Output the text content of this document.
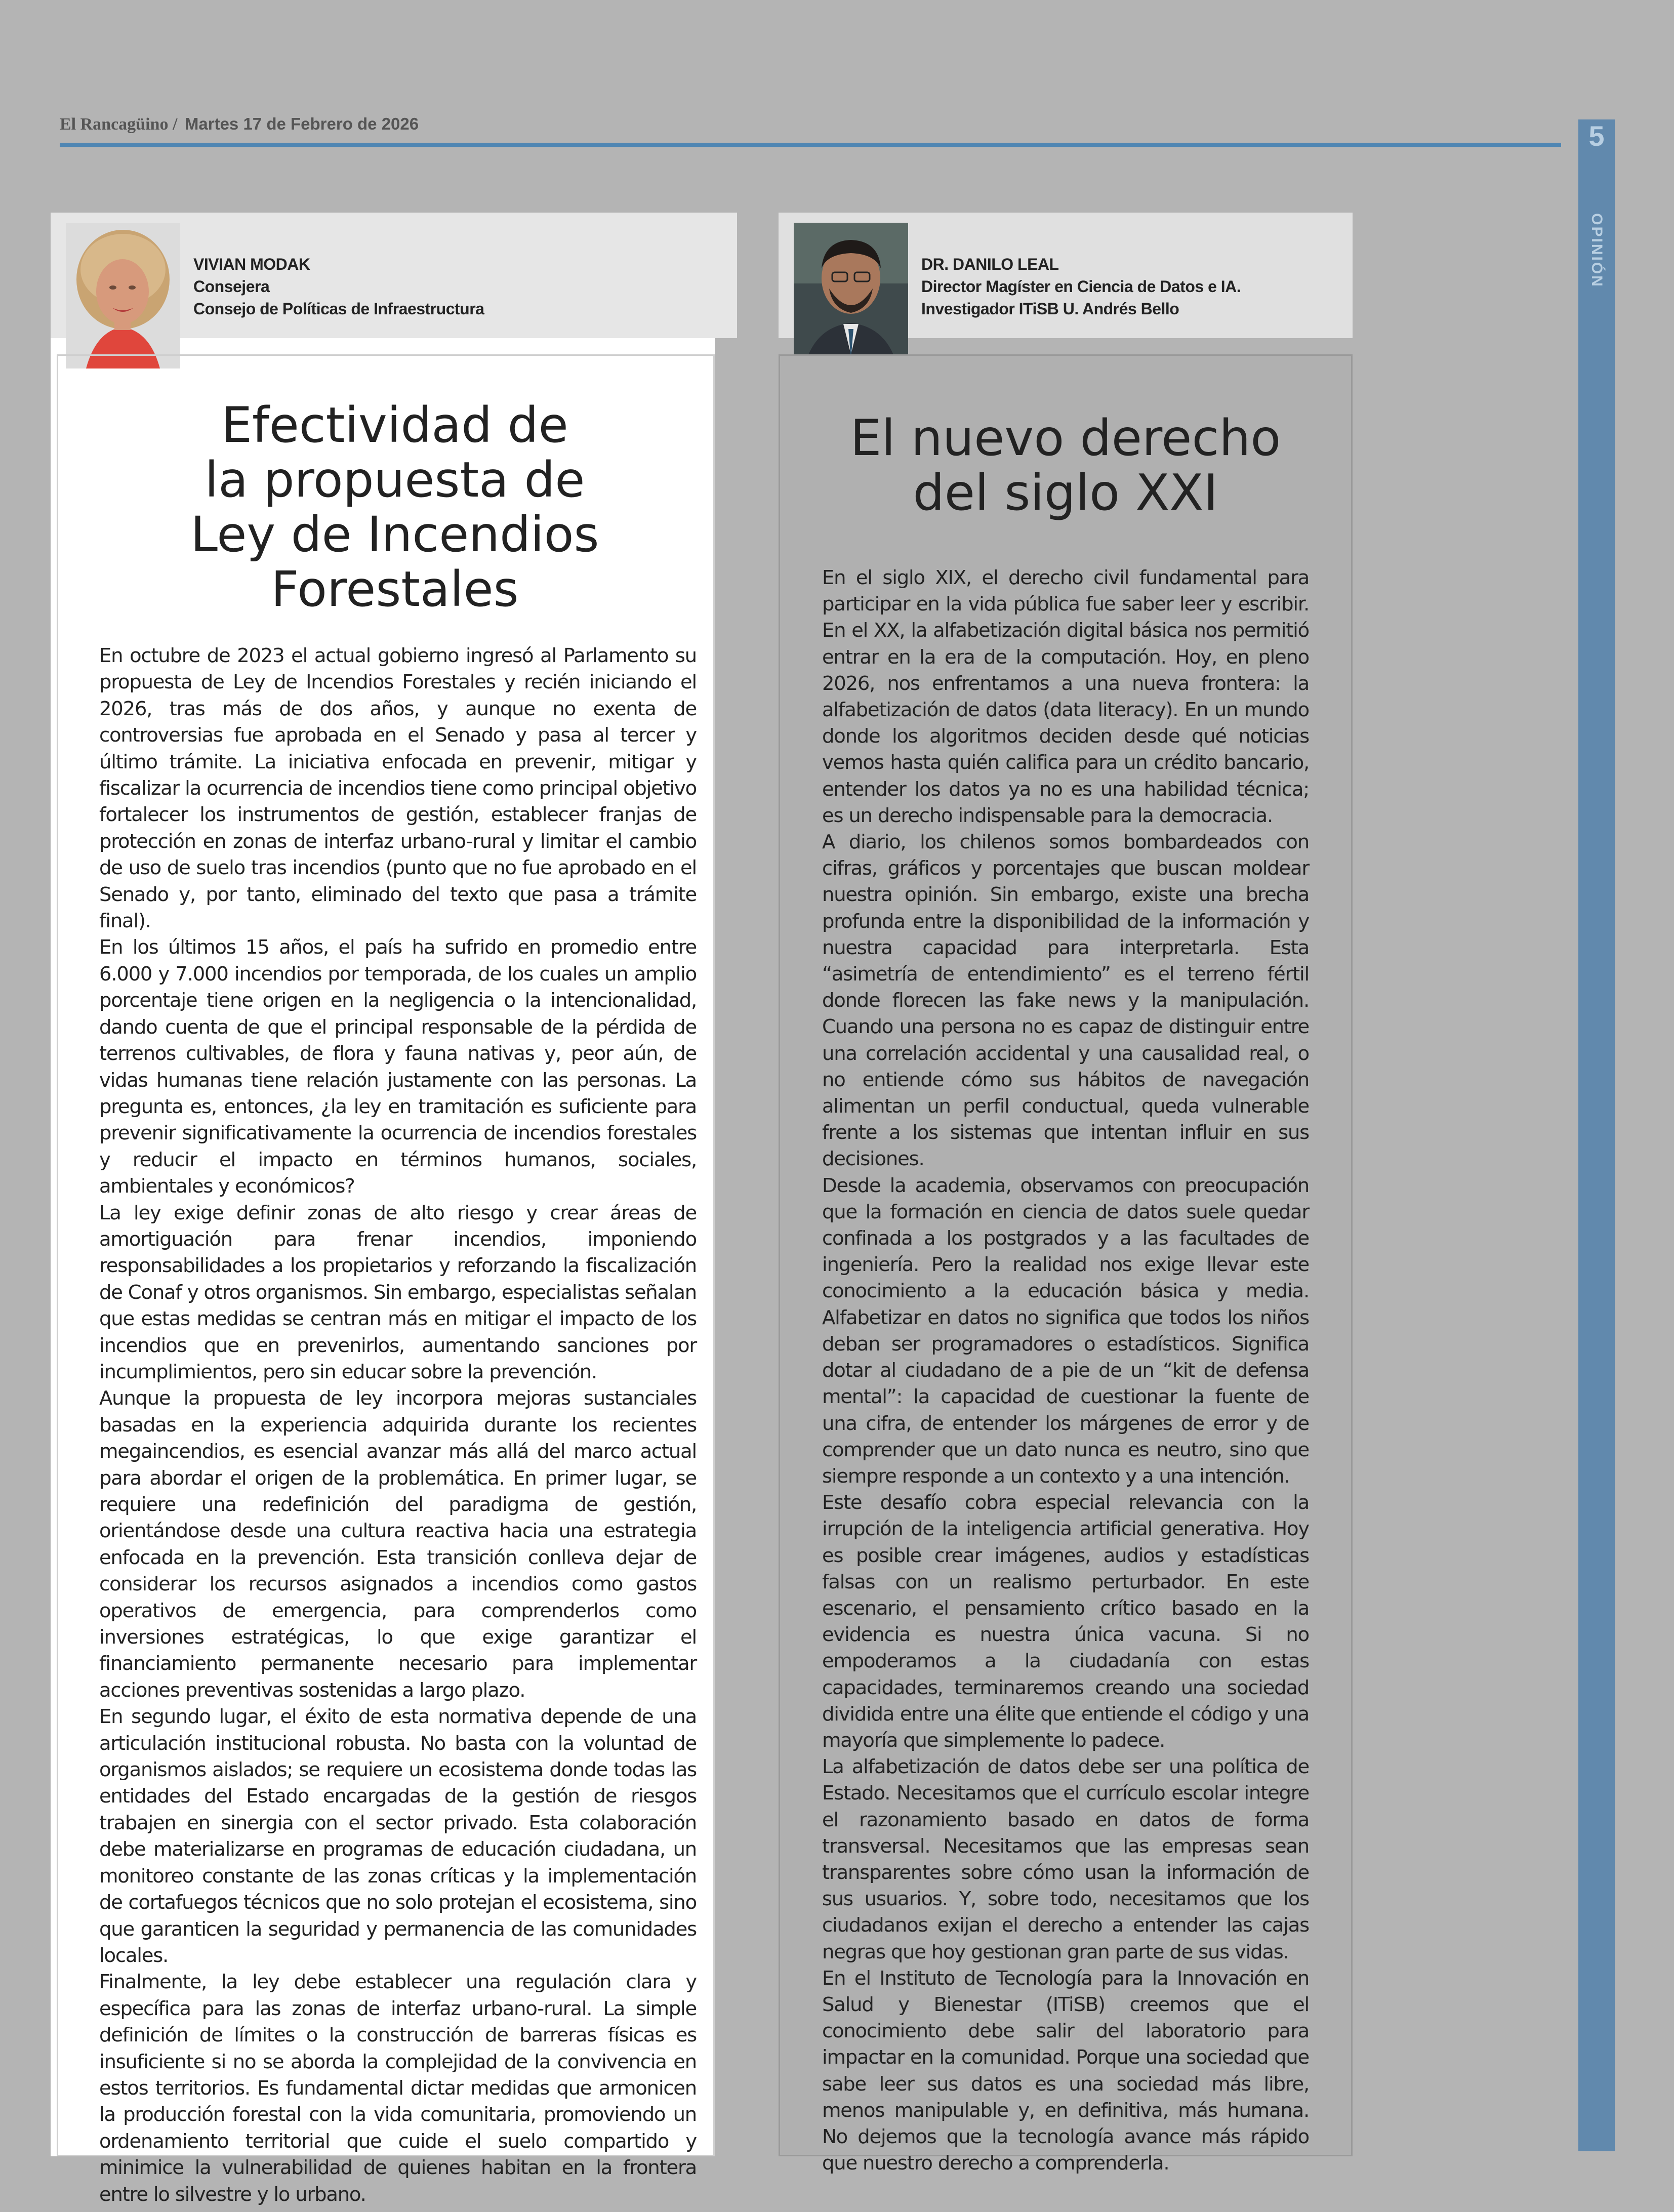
El Rancagüino / Martes 17 de Febrero de 2026	5
OPINIÓN
VIVIAN MODAK
Consejera
Consejo de Políticas de Infraestructura
Efectividad de
la propuesta de
Ley de Incendios
Forestales

En octubre de 2023 el actual gobierno ingresó al Parlamento su propuesta de Ley de Incendios Forestales y recién iniciando el 2026, tras más de dos años, y aunque no exenta de controversias fue aprobada en el Senado y pasa al tercer y último trámite. La iniciativa enfocada en prevenir, mitigar y fiscalizar la ocurrencia de incendios tiene como principal objetivo fortalecer los instrumentos de gestión, establecer franjas de protección en zonas de interfaz urbano-rural y limitar el cambio de uso de suelo tras incendios (punto que no fue aprobado en el Senado y, por tanto, eliminado del texto que pasa a trámite final).

En los últimos 15 años, el país ha sufrido en promedio entre 6.000 y 7.000 incendios por temporada, de los cuales un amplio porcentaje tiene origen en la negligencia o la intencionalidad, dando cuenta de que el principal responsable de la pérdida de terrenos cultivables, de flora y fauna nativas y, peor aún, de vidas humanas tiene relación justamente con las personas. La pregunta es, entonces, ¿la ley en tramitación es suficiente para prevenir significativamente la ocurrencia de incendios forestales y reducir el impacto en términos humanos, sociales, ambientales y económicos?

La ley exige definir zonas de alto riesgo y crear áreas de amortiguación para frenar incendios, imponiendo responsabilidades a los propietarios y reforzando la fiscalización de Conaf y otros organismos. Sin embargo, especialistas señalan que estas medidas se centran más en mitigar el impacto de los incendios que en prevenirlos, aumentando sanciones por incumplimientos, pero sin educar sobre la prevención.

Aunque la propuesta de ley incorpora mejoras sustanciales basadas en la experiencia adquirida durante los recientes megaincendios, es esencial avanzar más allá del marco actual para abordar el origen de la problemática. En primer lugar, se requiere una redefinición del paradigma de gestión, orientándose desde una cultura reactiva hacia una estrategia enfocada en la prevención. Esta transición conlleva dejar de considerar los recursos asignados a incendios como gastos operativos de emergencia, para comprenderlos como inversiones estratégicas, lo que exige garantizar el financiamiento permanente necesario para implementar acciones preventivas sostenidas a largo plazo.

En segundo lugar, el éxito de esta normativa depende de una articulación institucional robusta. No basta con la voluntad de organismos aislados; se requiere un ecosistema donde todas las entidades del Estado encargadas de la gestión de riesgos trabajen en sinergia con el sector privado. Esta colaboración debe materializarse en programas de educación ciudadana, un monitoreo constante de las zonas críticas y la implementación de cortafuegos técnicos que no solo protejan el ecosistema, sino que garanticen la seguridad y permanencia de las comunidades locales.

Finalmente, la ley debe establecer una regulación clara y específica para las zonas de interfaz urbano-rural. La simple definición de límites o la construcción de barreras físicas es insuficiente si no se aborda la complejidad de la convivencia en estos territorios. Es fundamental dictar medidas que armonicen la producción forestal con la vida comunitaria, promoviendo un ordenamiento territorial que cuide el suelo compartido y minimice la vulnerabilidad de quienes habitan en la frontera entre lo silvestre y lo urbano.

DR. DANILO LEAL
Director Magíster en Ciencia de Datos e IA.
Investigador ITiSB U. Andrés Bello
El nuevo derecho
del siglo XXI

En el siglo XIX, el derecho civil fundamental para participar en la vida pública fue saber leer y escribir. En el XX, la alfabetización digital básica nos permitió entrar en la era de la computación. Hoy, en pleno 2026, nos enfrentamos a una nueva frontera: la alfabetización de datos (data literacy). En un mundo donde los algoritmos deciden desde qué noticias vemos hasta quién califica para un crédito bancario, entender los datos ya no es una habilidad técnica; es un derecho indispensable para la democracia.

A diario, los chilenos somos bombardeados con cifras, gráficos y porcentajes que buscan moldear nuestra opinión. Sin embargo, existe una brecha profunda entre la disponibilidad de la información y nuestra capacidad para interpretarla. Esta “asimetría de entendimiento” es el terreno fértil donde florecen las fake news y la manipulación. Cuando una persona no es capaz de distinguir entre una correlación accidental y una causalidad real, o no entiende cómo sus hábitos de navegación alimentan un perfil conductual, queda vulnerable frente a los sistemas que intentan influir en sus decisiones.

Desde la academia, observamos con preocupación que la formación en ciencia de datos suele quedar confinada a los postgrados y a las facultades de ingeniería. Pero la realidad nos exige llevar este conocimiento a la educación básica y media. Alfabetizar en datos no significa que todos los niños deban ser programadores o estadísticos. Significa dotar al ciudadano de a pie de un “kit de defensa mental”: la capacidad de cuestionar la fuente de una cifra, de entender los márgenes de error y de comprender que un dato nunca es neutro, sino que siempre responde a un contexto y a una intención.

Este desafío cobra especial relevancia con la irrupción de la inteligencia artificial generativa. Hoy es posible crear imágenes, audios y estadísticas falsas con un realismo perturbador. En este escenario, el pensamiento crítico basado en la evidencia es nuestra única vacuna. Si no empoderamos a la ciudadanía con estas capacidades, terminaremos creando una sociedad dividida entre una élite que entiende el código y una mayoría que simplemente lo padece.

La alfabetización de datos debe ser una política de Estado. Necesitamos que el currículo escolar integre el razonamiento basado en datos de forma transversal. Necesitamos que las empresas sean transparentes sobre cómo usan la información de sus usuarios. Y, sobre todo, necesitamos que los ciudadanos exijan el derecho a entender las cajas negras que hoy gestionan gran parte de sus vidas.

En el Instituto de Tecnología para la Innovación en Salud y Bienestar (ITiSB) creemos que el conocimiento debe salir del laboratorio para impactar en la comunidad. Porque una sociedad que sabe leer sus datos es una sociedad más libre, menos manipulable y, en definitiva, más humana. No dejemos que la tecnología avance más rápido que nuestro derecho a comprenderla.
